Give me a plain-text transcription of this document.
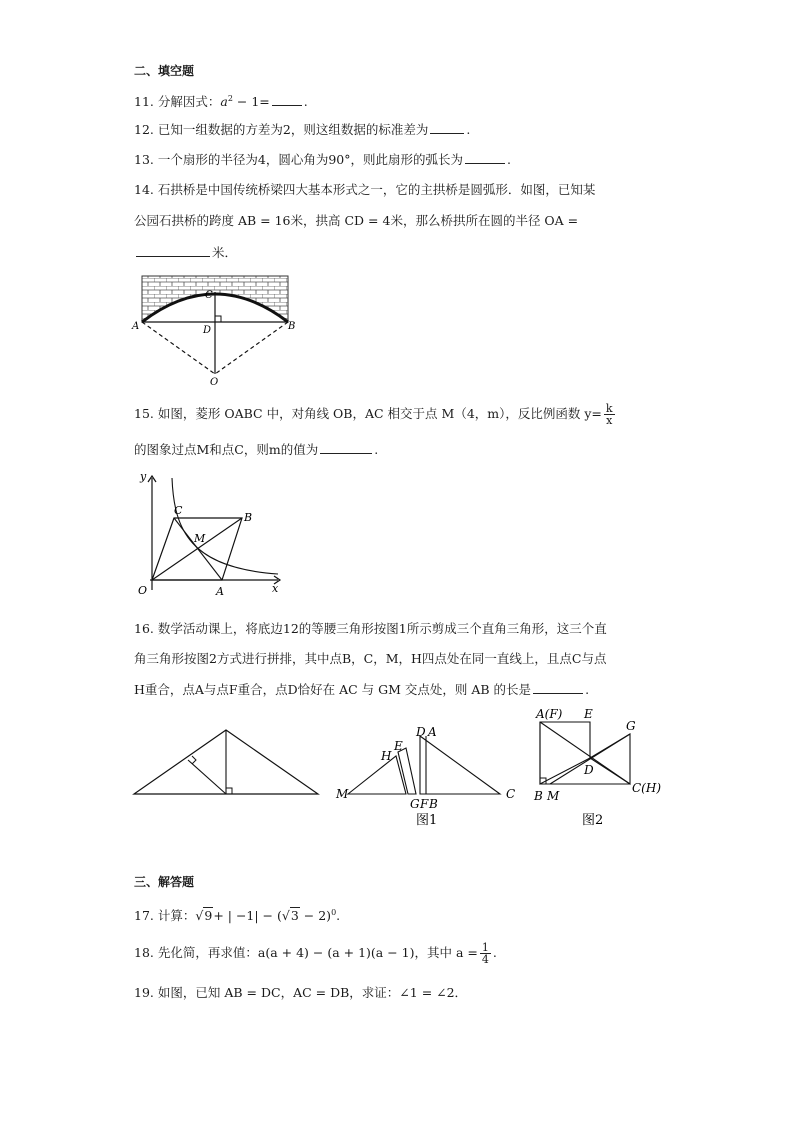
二、填空题
11. 分解因式：$a^2 - 1=$	.
12. 已知一组数据的方差为2，则这组数据的标准差为	.
13. 一个扇形的半径为4，圆心角为90°，则此扇形的弧长为	.
14. 石拱桥是中国传统桥梁四大基本形式之一，它的主拱桥是圆弧形．如图，已知某
公园石拱桥的跨度 AB = 16米，拱高 CD = 4米，那么桥拱所在圆的半径 OA =
米．
A	B
C
D
O
15. 如图，菱形 OABC 中，对角线 OB，AC 相交于点 M（4，m），反比例函数 $y= \frac{k}{x}$
的图象过点M和点C，则m的值为	.
y
x
O	A
B
C
M
16. 数学活动课上，将底边12的等腰三角形按图1所示剪成三个直角三角形，这三个直
角三角形按图2方式进行拼排，其中点B，C，M，H四点处在同一直线上，且点C与点
H重合，点A与点F重合，点D恰好在 AC 与 GM 交点处，则 AB 的长是	.
M
H
E
D A
G F B
C
图1
A(F) E
G
D
B M
C(H)
图2
三、解答题
17. 计算：√9+ | $-1| - (√3 - 2)^0$.
18. 先化简，再求值：a(a + 4) − (a + 1)(a − 1)，其中 $a = \frac{1}{4}$ .
19. 如图，已知 AB = DC，AC = DB，求证：∠1 = ∠2．
